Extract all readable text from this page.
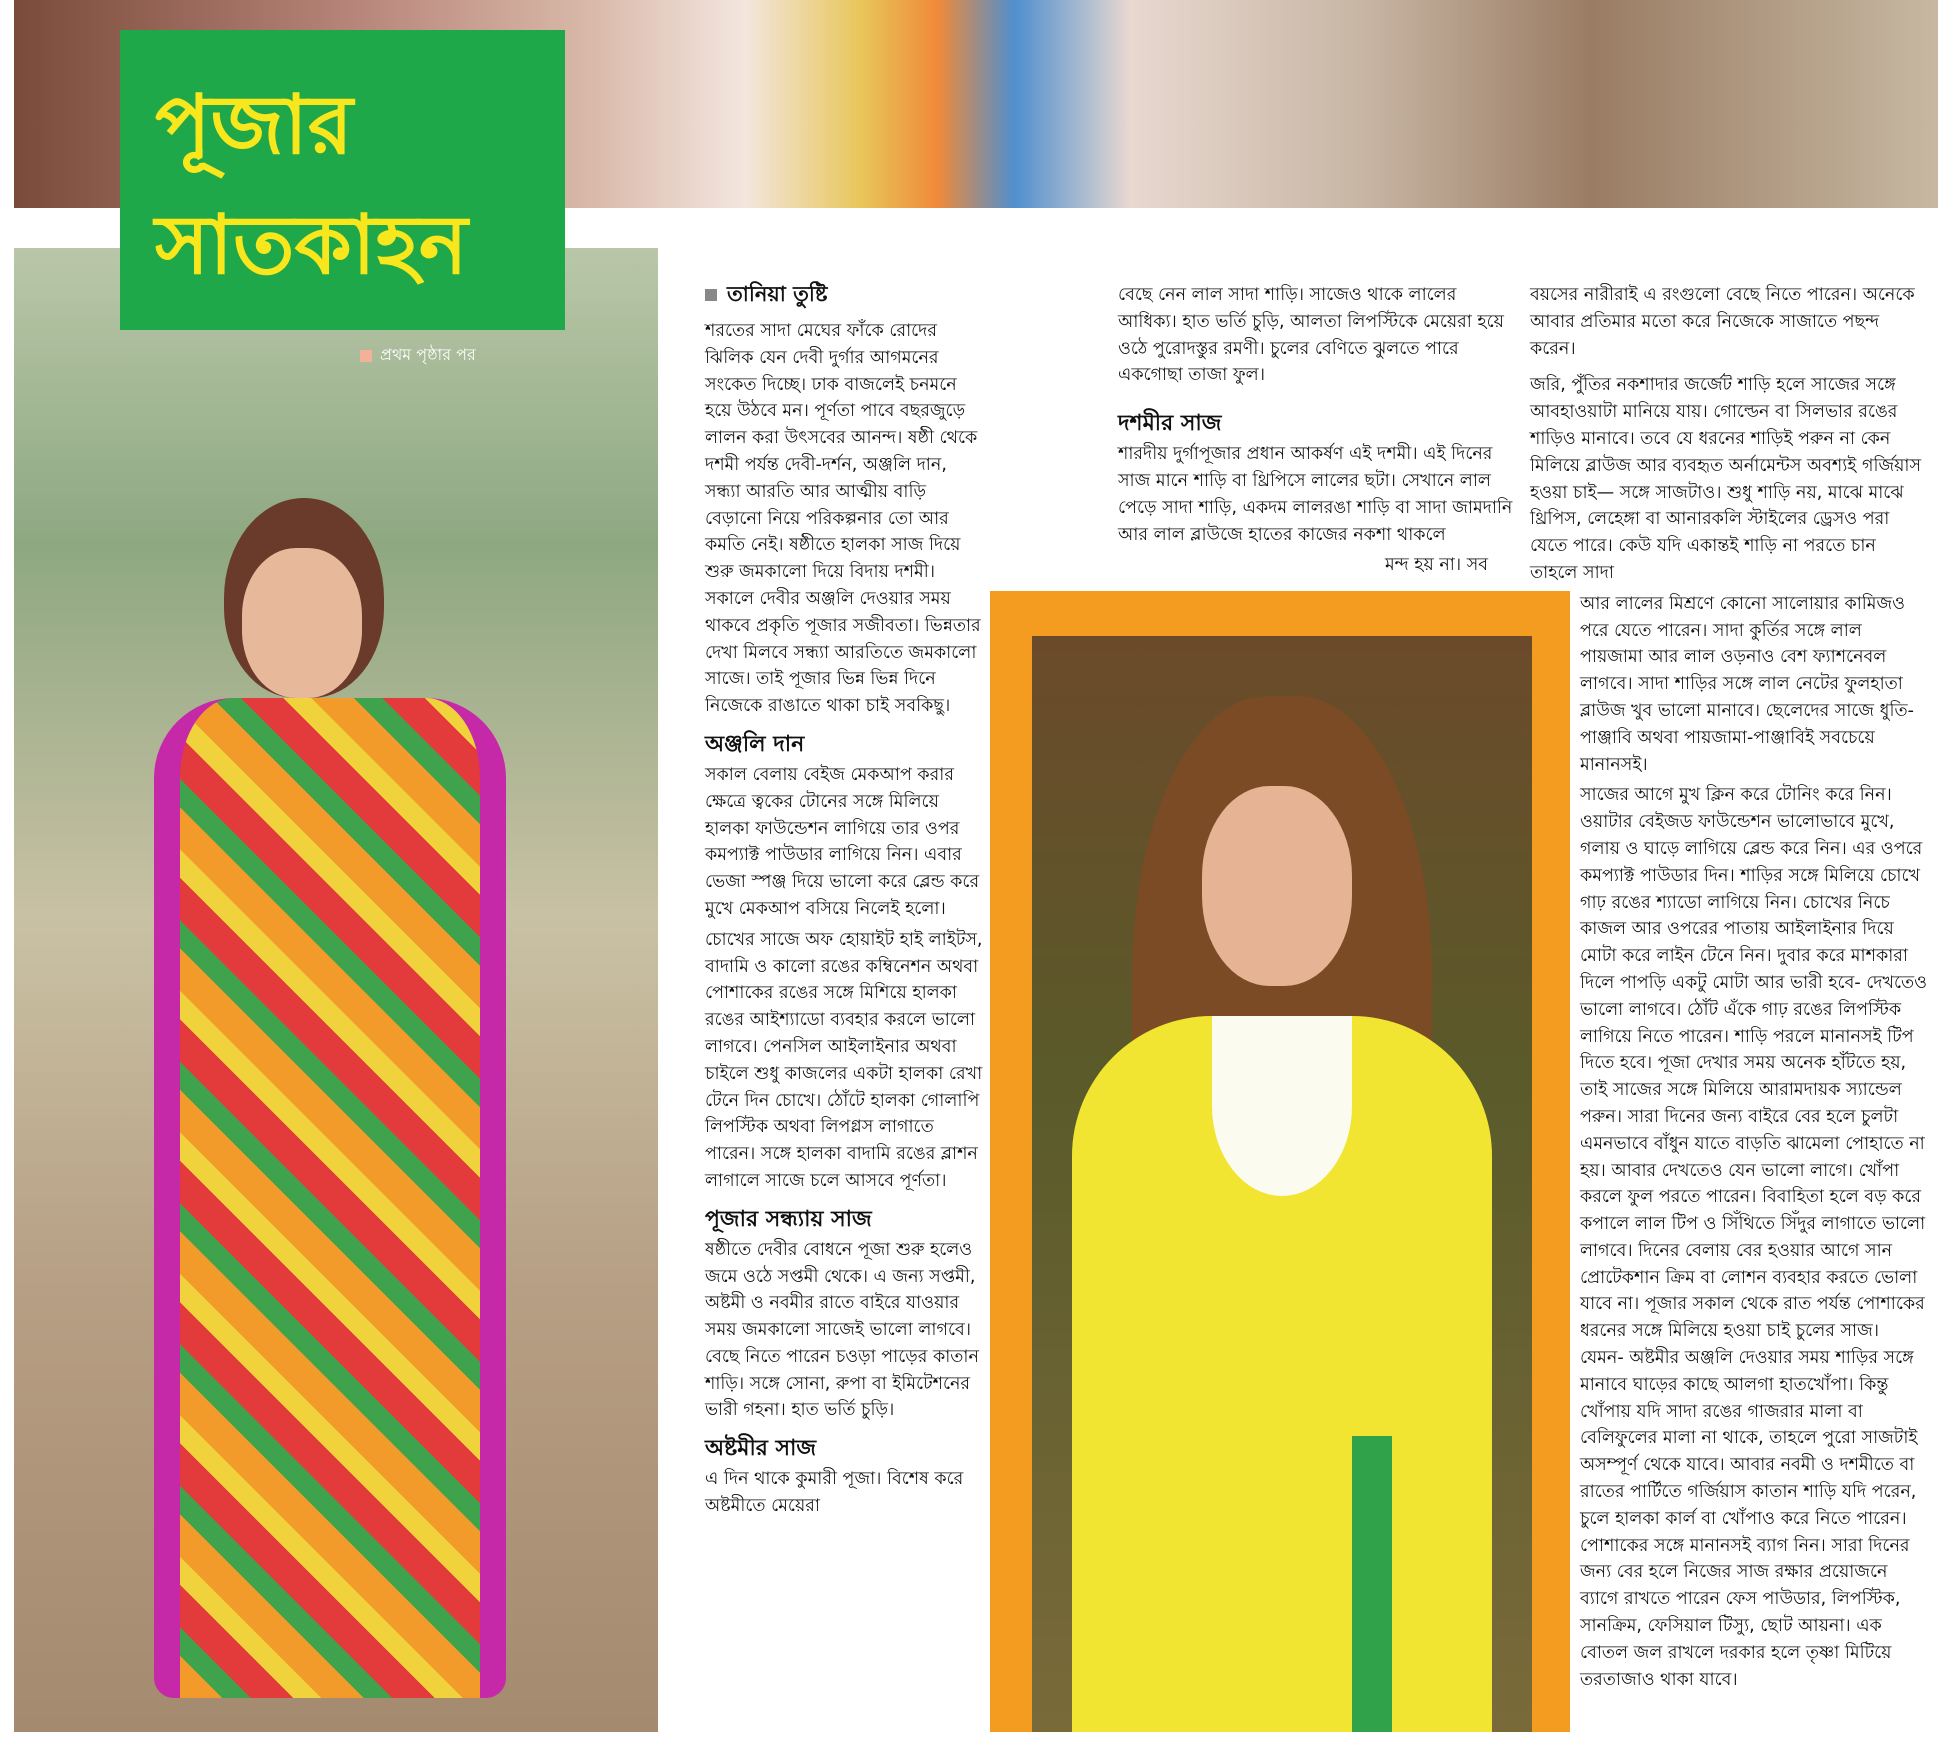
পূজার
সাতকাহন
প্রথম পৃষ্ঠার পর
তানিয়া তুষ্টি

শরতের সাদা মেঘের ফাঁকে রোদের ঝিলিক যেন দেবী দুর্গার আগমনের সংকেত দিচ্ছে। ঢাক বাজলেই চনমনে হয়ে উঠবে মন। পূর্ণতা পাবে বছরজুড়ে লালন করা উৎসবের আনন্দ। ষষ্ঠী থেকে দশমী পর্যন্ত দেবী-দর্শন, অঞ্জলি দান, সন্ধ্যা আরতি আর আত্মীয় বাড়ি বেড়ানো নিয়ে পরিকল্পনার তো আর কমতি নেই। ষষ্ঠীতে হালকা সাজ দিয়ে শুরু জমকালো দিয়ে বিদায় দশমী। সকালে দেবীর অঞ্জলি দেওয়ার সময় থাকবে প্রকৃতি পূজার সজীবতা। ভিন্নতার দেখা মিলবে সন্ধ্যা আরতিতে জমকালো সাজে। তাই পূজার ভিন্ন ভিন্ন দিনে নিজেকে রাঙাতে থাকা চাই সবকিছু।

অঞ্জলি দান

সকাল বেলায় বেইজ মেকআপ করার ক্ষেত্রে ত্বকের টোনের সঙ্গে মিলিয়ে হালকা ফাউন্ডেশন লাগিয়ে তার ওপর কমপ্যাক্ট পাউডার লাগিয়ে নিন। এবার ভেজা স্পঞ্জ দিয়ে ভালো করে ব্লেন্ড করে মুখে মেকআপ বসিয়ে নিলেই হলো।

চোখের সাজে অফ হোয়াইট হাই লাইটস, বাদামি ও কালো রঙের কম্বিনেশন অথবা পোশাকের রঙের সঙ্গে মিশিয়ে হালকা রঙের আইশ্যাডো ব্যবহার করলে ভালো লাগবে। পেনসিল আইলাইনার অথবা চাইলে শুধু কাজলের একটা হালকা রেখা টেনে দিন চোখে। ঠোঁটে হালকা গোলাপি লিপস্টিক অথবা লিপগ্লস লাগাতে পারেন। সঙ্গে হালকা বাদামি রঙের ব্লাশন লাগালে সাজে চলে আসবে পূর্ণতা।

পূজার সন্ধ্যায় সাজ

ষষ্ঠীতে দেবীর বোধনে পূজা শুরু হলেও জমে ওঠে সপ্তমী থেকে। এ জন্য সপ্তমী, অষ্টমী ও নবমীর রাতে বাইরে যাওয়ার সময় জমকালো সাজেই ভালো লাগবে। বেছে নিতে পারেন চওড়া পাড়ের কাতান শাড়ি। সঙ্গে সোনা, রুপা বা ইমিটেশনের ভারী গহনা। হাত ভর্তি চুড়ি।

অষ্টমীর সাজ

এ দিন থাকে কুমারী পূজা। বিশেষ করে অষ্টমীতে মেয়েরা

বেছে নেন লাল সাদা শাড়ি। সাজেও থাকে লালের আধিক্য। হাত ভর্তি চুড়ি, আলতা লিপস্টিকে মেয়েরা হয়ে ওঠে পুরোদস্তুর রমণী। চুলের বেণিতে ঝুলতে পারে একগোছা তাজা ফুল।

দশমীর সাজ

শারদীয় দুর্গাপূজার প্রধান আকর্ষণ এই দশমী। এই দিনের সাজ মানে শাড়ি বা থ্রিপিসে লালের ছটা। সেখানে লাল পেড়ে সাদা শাড়ি, একদম লালরঙা শাড়ি বা সাদা জামদানি আর লাল ব্লাউজে হাতের কাজের নকশা থাকলে

মন্দ হয় না। সব

বয়সের নারীরাই এ রংগুলো বেছে নিতে পারেন। অনেকে আবার প্রতিমার মতো করে নিজেকে সাজাতে পছন্দ করেন।

জরি, পুঁতির নকশাদার জর্জেট শাড়ি হলে সাজের সঙ্গে আবহাওয়াটা মানিয়ে যায়। গোল্ডেন বা সিলভার রঙের শাড়িও মানাবে। তবে যে ধরনের শাড়িই পরুন না কেন মিলিয়ে ব্লাউজ আর ব্যবহৃত অর্নামেন্টস অবশ্যই গর্জিয়াস হওয়া চাই— সঙ্গে সাজটাও। শুধু শাড়ি নয়, মাঝে মাঝে থ্রিপিস, লেহেঙ্গা বা আনারকলি স্টাইলের ড্রেসও পরা যেতে পারে। কেউ যদি একান্তই শাড়ি না পরতে চান তাহলে সাদা

আর লালের মিশ্রণে কোনো সালোয়ার কামিজও পরে যেতে পারেন। সাদা কুর্তির সঙ্গে লাল পায়জামা আর লাল ওড়নাও বেশ ফ্যাশনেবল লাগবে। সাদা শাড়ির সঙ্গে লাল নেটের ফুলহাতা ব্লাউজ খুব ভালো মানাবে। ছেলেদের সাজে ধুতি-পাঞ্জাবি অথবা পায়জামা-পাঞ্জাবিই সবচেয়ে মানানসই।

সাজের আগে মুখ ক্লিন করে টোনিং করে নিন। ওয়াটার বেইজড ফাউন্ডেশন ভালোভাবে মুখে, গলায় ও ঘাড়ে লাগিয়ে ব্লেন্ড করে নিন। এর ওপরে কমপ্যাক্ট পাউডার দিন। শাড়ির সঙ্গে মিলিয়ে চোখে গাঢ় রঙের শ্যাডো লাগিয়ে নিন। চোখের নিচে কাজল আর ওপরের পাতায় আইলাইনার দিয়ে মোটা করে লাইন টেনে নিন। দুবার করে মাশকারা দিলে পাপড়ি একটু মোটা আর ভারী হবে- দেখতেও ভালো লাগবে। ঠোঁট এঁকে গাঢ় রঙের লিপস্টিক লাগিয়ে নিতে পারেন। শাড়ি পরলে মানানসই টিপ দিতে হবে। পূজা দেখার সময় অনেক হাঁটতে হয়, তাই সাজের সঙ্গে মিলিয়ে আরামদায়ক স্যান্ডেল পরুন। সারা দিনের জন্য বাইরে বের হলে চুলটা এমনভাবে বাঁধুন যাতে বাড়তি ঝামেলা পোহাতে না হয়। আবার দেখতেও যেন ভালো লাগে। খোঁপা করলে ফুল পরতে পারেন। বিবাহিতা হলে বড় করে কপালে লাল টিপ ও সিঁথিতে সিঁদুর লাগাতে ভালো লাগবে। দিনের বেলায় বের হওয়ার আগে সান প্রোটেকশান ক্রিম বা লোশন ব্যবহার করতে ভোলা যাবে না। পূজার সকাল থেকে রাত পর্যন্ত পোশাকের ধরনের সঙ্গে মিলিয়ে হওয়া চাই চুলের সাজ। যেমন- অষ্টমীর অঞ্জলি দেওয়ার সময় শাড়ির সঙ্গে মানাবে ঘাড়ের কাছে আলগা হাতখোঁপা। কিন্তু খোঁপায় যদি সাদা রঙের গাজরার মালা বা বেলিফুলের মালা না থাকে, তাহলে পুরো সাজটাই অসম্পূর্ণ থেকে যাবে। আবার নবমী ও দশমীতে বা রাতের পার্টিতে গর্জিয়াস কাতান শাড়ি যদি পরেন, চুলে হালকা কার্ল বা খোঁপাও করে নিতে পারেন। পোশাকের সঙ্গে মানানসই ব্যাগ নিন। সারা দিনের জন্য বের হলে নিজের সাজ রক্ষার প্রয়োজনে ব্যাগে রাখতে পারেন ফেস পাউডার, লিপস্টিক, সানক্রিম, ফেসিয়াল টিস্যু, ছোট আয়না। এক বোতল জল রাখলে দরকার হলে তৃষ্ণা মিটিয়ে তরতাজাও থাকা যাবে।
